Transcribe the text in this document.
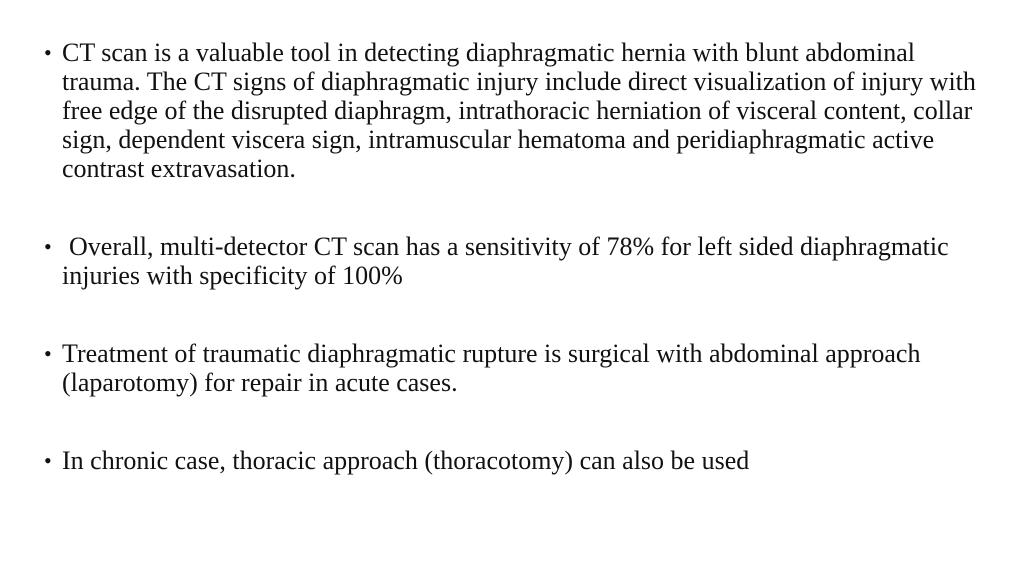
• CT scan is a valuable tool in detecting diaphragmatic hernia with blunt abdominal trauma. The CT signs of diaphragmatic injury include direct visualization of injury with free edge of the disrupted diaphragm, intrathoracic herniation of visceral content, collar sign, dependent viscera sign, intramuscular hematoma and peridiaphragmatic active contrast extravasation.
• Overall, multi-detector CT scan has a sensitivity of 78% for left sided diaphragmatic injuries with specificity of 100%
• Treatment of traumatic diaphragmatic rupture is surgical with abdominal approach (laparotomy) for repair in acute cases.
• In chronic case, thoracic approach (thoracotomy) can also be used
